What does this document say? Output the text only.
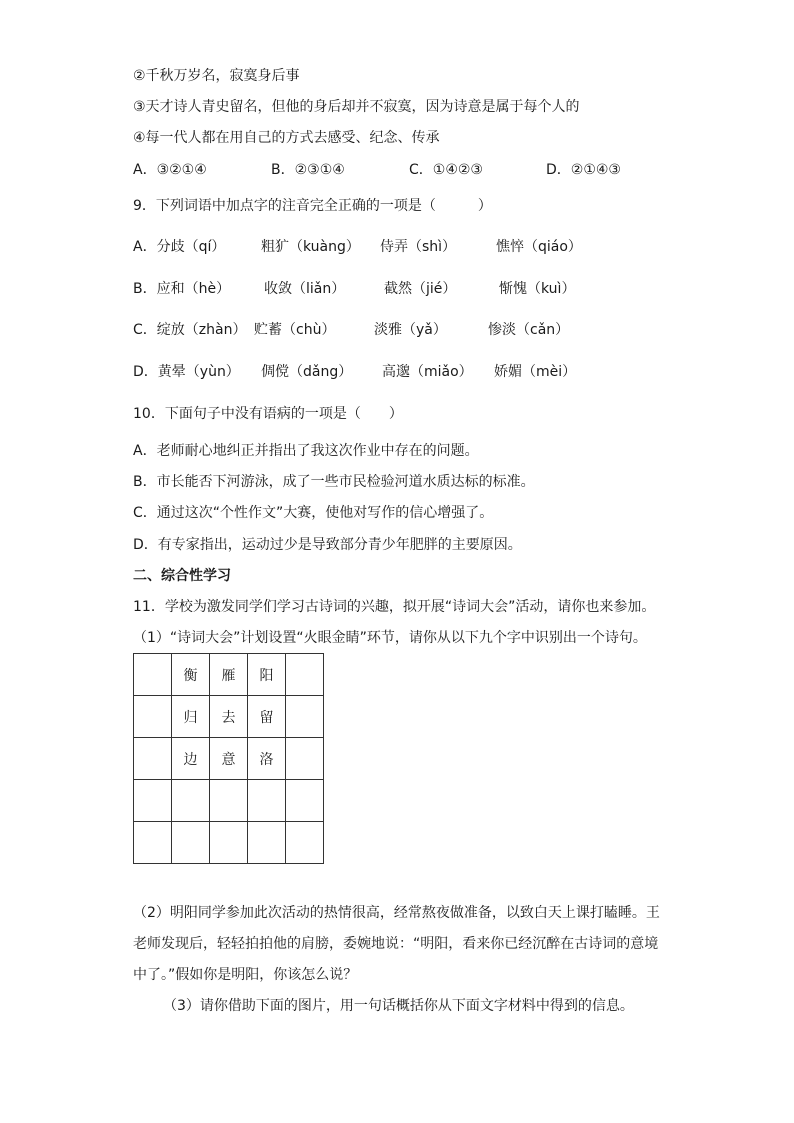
②千秋万岁名，寂寞身后事
③天才诗人青史留名，但他的身后却并不寂寞，因为诗意是属于每个人的
④每一代人都在用自己的方式去感受、纪念、传承
A．③②①④	B．②③①④	C．①④②③	D．②①④③
9．下列词语中加点字的注音完全正确的一项是（　　　）
A．分歧（qí）	粗犷（kuàng） 侍弄（shì）	憔悴（qiáo）
B．应和（hè） 收敛（liǎn）	截然（jié）	惭愧（kuì）
C．绽放（zhàn） 贮蓄（chù）	淡雅（yǎ）	惨淡（cǎn）
D．黄晕（yùn） 倜傥（dǎng） 高邈（miǎo） 娇媚（mèi）
10．下面句子中没有语病的一项是（　　）
A．老师耐心地纠正并指出了我这次作业中存在的问题。
B．市长能否下河游泳，成了一些市民检验河道水质达标的标准。
C．通过这次“个性作文”大赛，使他对写作的信心增强了。
D．有专家指出，运动过少是导致部分青少年肥胖的主要原因。
二、综合性学习
11．学校为激发同学们学习古诗词的兴趣，拟开展“诗词大会”活动，请你也来参加。
（1）“诗词大会”计划设置“火眼金睛”环节，请你从以下九个字中识别出一个诗句。
	衡	雁	阳	
	归	去	留	
	边	意	洛	

（2）明阳同学参加此次活动的热情很高，经常熬夜做准备，以致白天上课打瞌睡。王老师发现后，轻轻拍拍他的肩膀，委婉地说：“明阳，看来你已经沉醉在古诗词的意境中了。”假如你是明阳，你该怎么说？
（3）请你借助下面的图片，用一句话概括你从下面文字材料中得到的信息。
